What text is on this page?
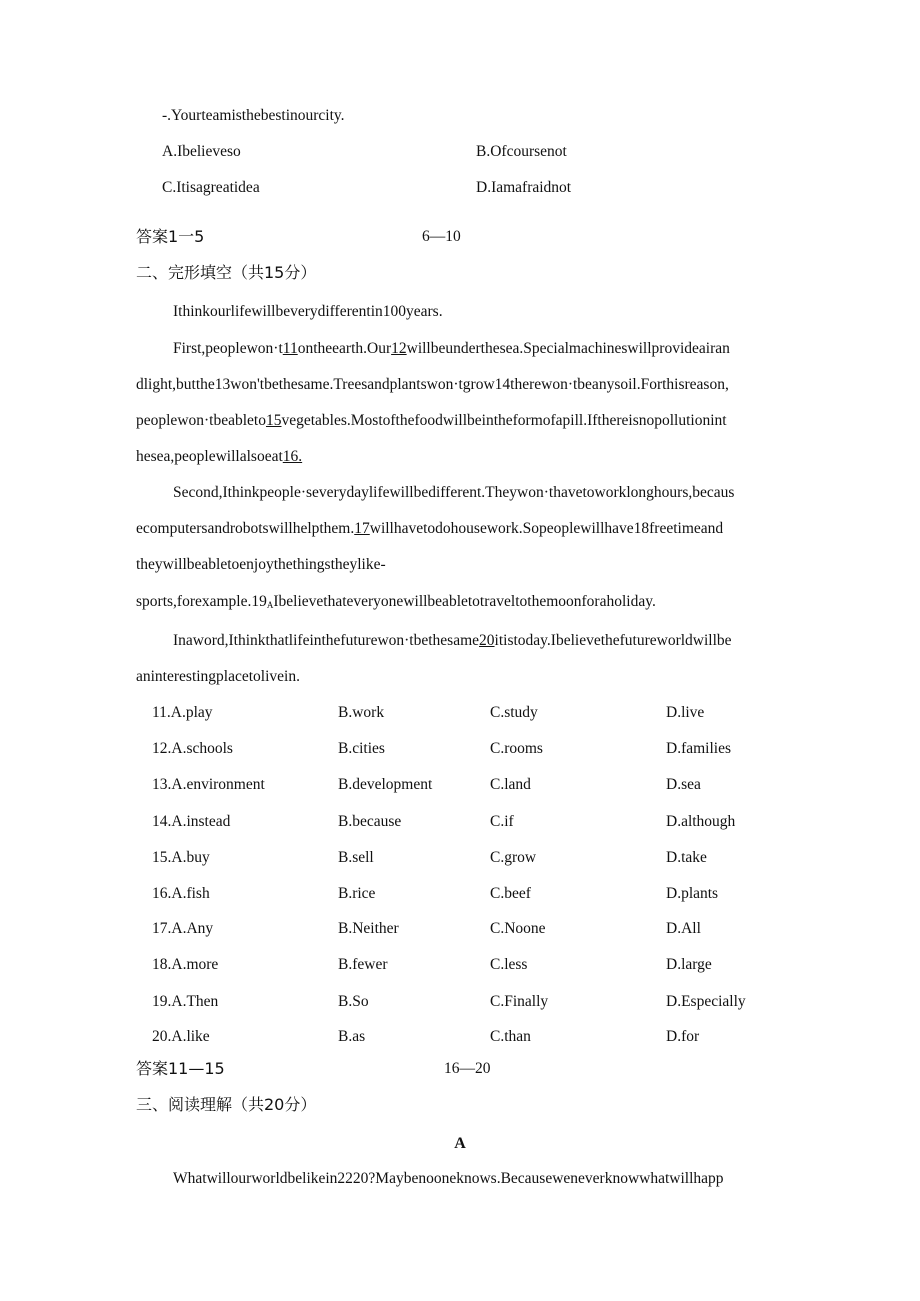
-.Yourteamisthebestinourcity.
A.Ibelieveso	B.Ofcoursenot
C.Itisagreatidea	D.Iamafraidnot
答案1一5	6—10
二、完形填空（共15分）
Ithinkourlifewillbeverydifferentin100years.
First,peoplewon·t11ontheearth.Our12willbeunderthesea.Specialmachineswillprovideairan
dlight,butthe13won'tbethesame.Treesandplantswon·tgrow14therewon·tbeanysoil.Forthisreason,
peoplewon·tbeableto15vegetables.Mostofthefoodwillbeintheformofapill.Iftherеisnopollutionint
hesea,peoplewillalsoeat16.
Second,Ithinkpeople·severydaylifewillbedifferent.Theywon·thavetoworklonghours,becaus
ecomputersandrobotswillhelpthem.17willhavetodohousework.Sopeoplewillhave18freetimeand
theywillbeabletoenjoythethingstheylike-
$sports,forexample.19_AIbelievethateveryonewillbeabletotraveltothemoonforaholiday$.
Inaword,Ithinkthatlifeinthefuturewon·tbethesame20itistoday.Ibelievethefutureworldwillbe
aninterestingplacetolivein.
11.A.play	B.work	C.study	D.live
12.A.schools	B.cities	C.rooms	D.families
13.A.environment	B.development	C.land	D.sea
14.A.instead	B.because	C.if	D.although
15.A.buy	B.sell	C.grow	D.take
16.A.fish	B.rice	C.beef	D.plants
17.A.Any	B.Neither	C.Noone	D.All
18.A.more	B.fewer	C.less	D.large
19.A.Then	B.So	C.Finally	D.Especially
20.A.like	B.as	C.than	D.for
答案11—15	16—20
三、阅读理解（共20分）
A
Whatwillourworldbelikein2220?Maybenooneknows.Becauseweneverknowwhatwillhapp
